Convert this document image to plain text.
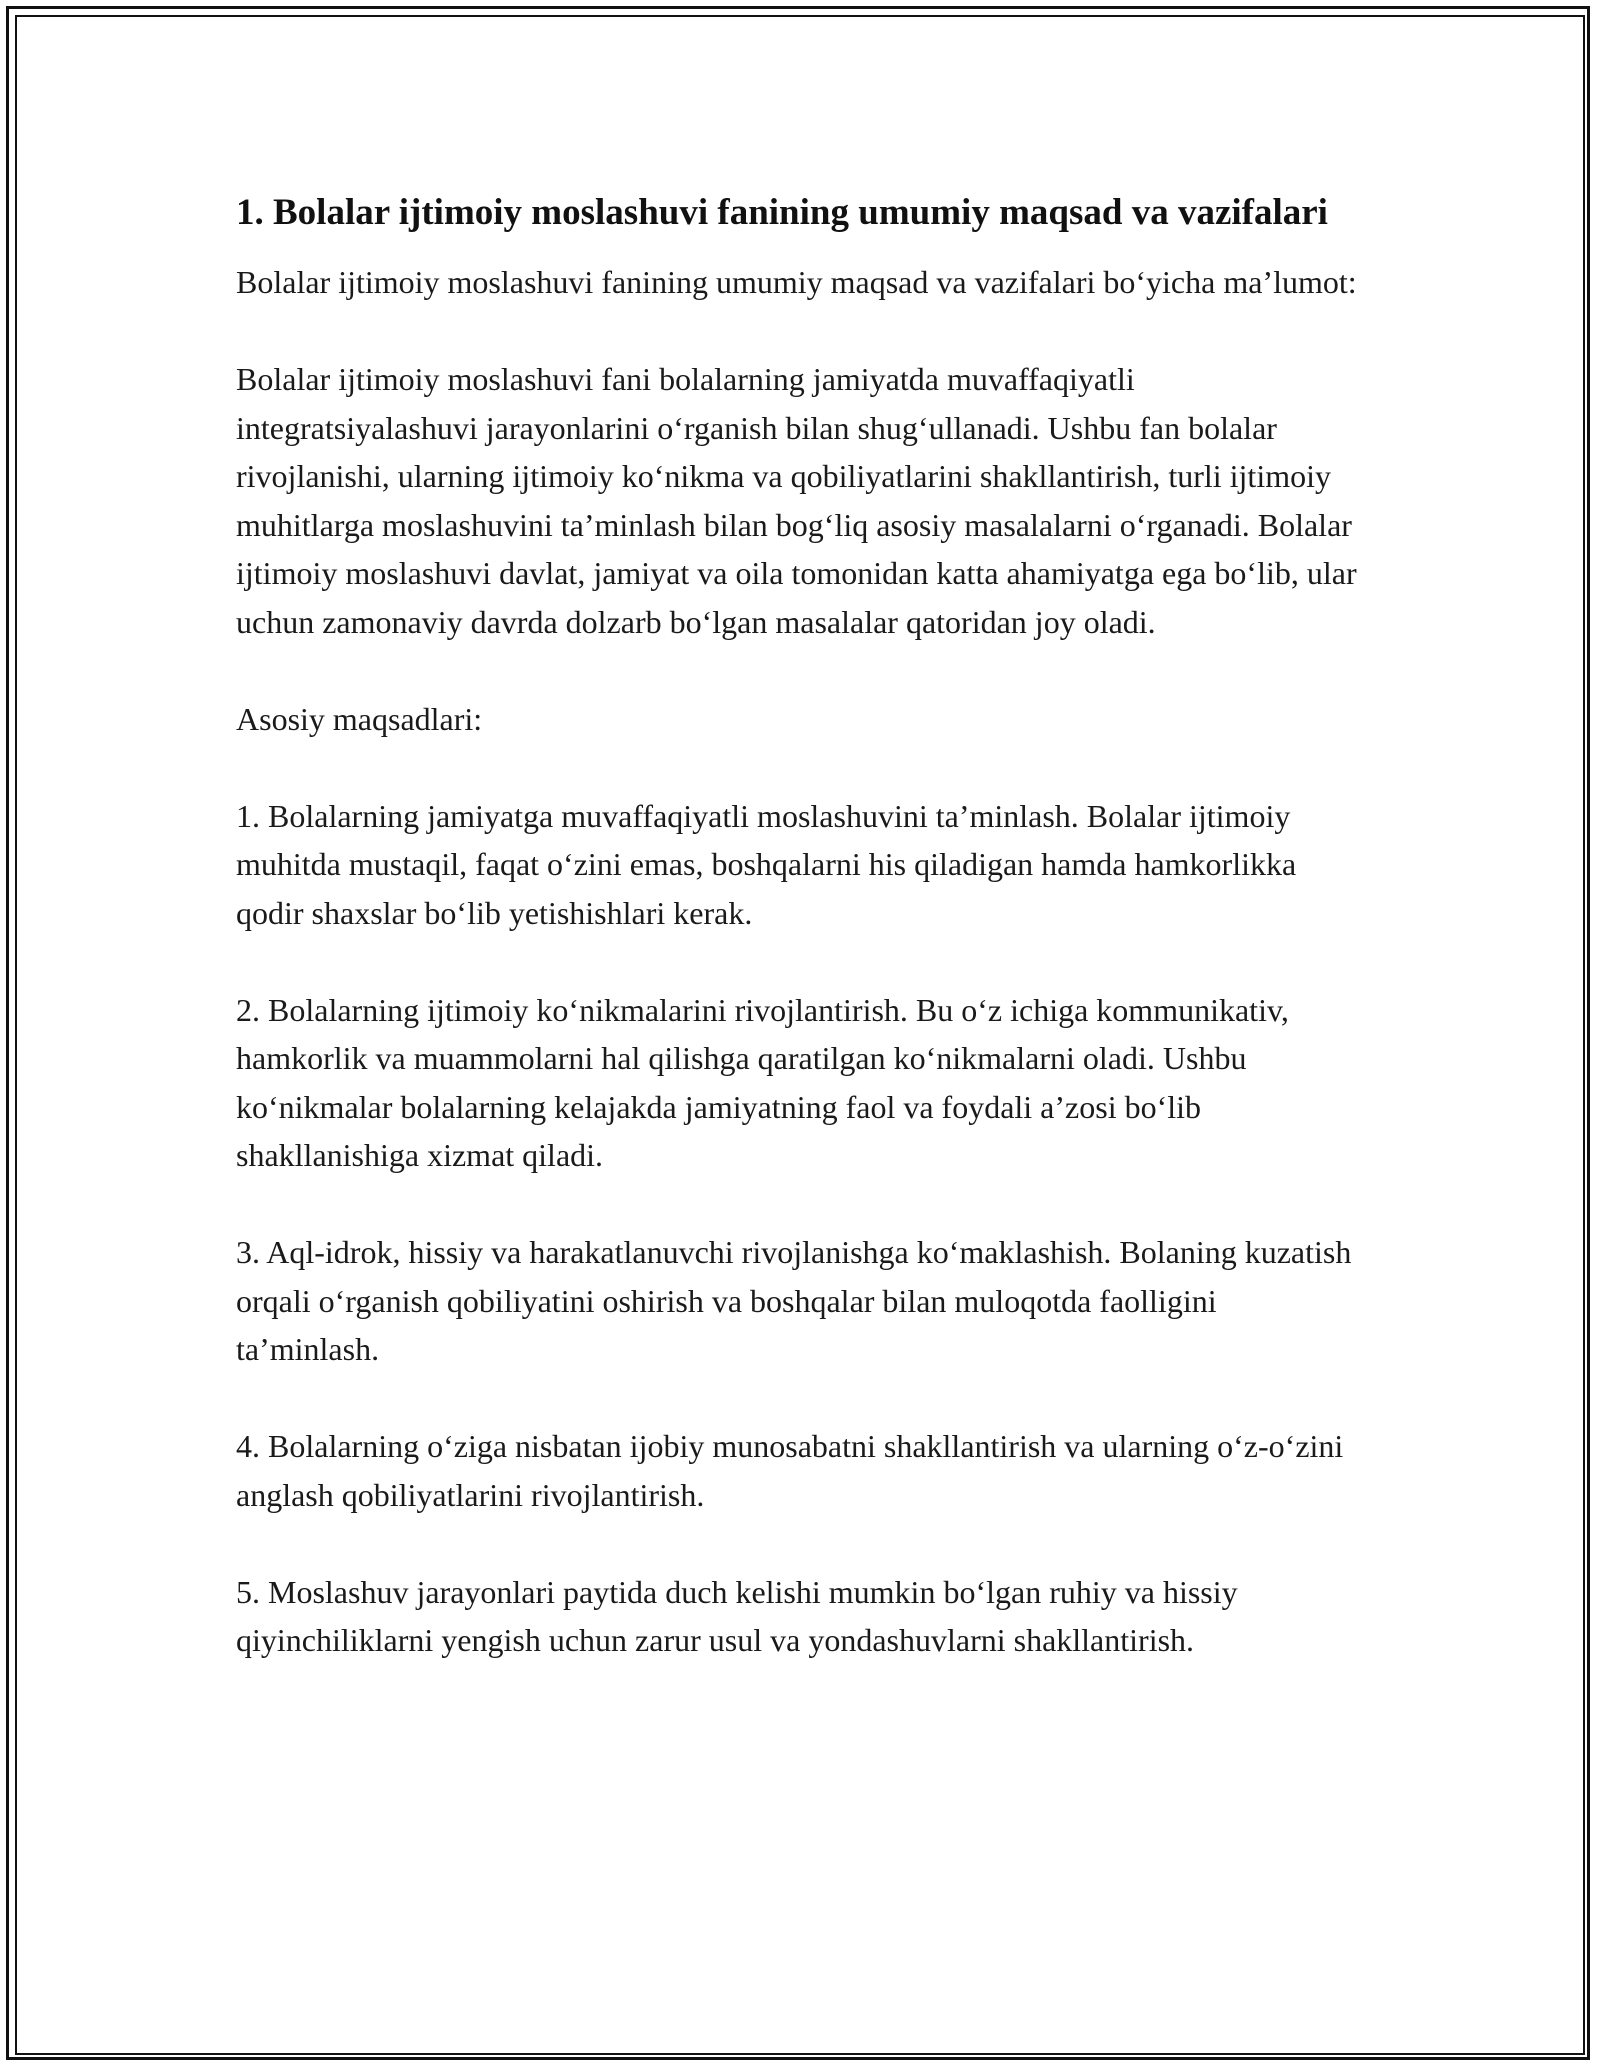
1. Bolalar ijtimoiy moslashuvi fanining umumiy maqsad va vazifalari

Bolalar ijtimoiy moslashuvi fanining umumiy maqsad va vazifalari bo‘yicha ma’lumot:

Bolalar ijtimoiy moslashuvi fani bolalarning jamiyatda muvaffaqiyatli integratsiyalashuvi jarayonlarini o‘rganish bilan shug‘ullanadi. Ushbu fan bolalar rivojlanishi, ularning ijtimoiy ko‘nikma va qobiliyatlarini shakllantirish, turli ijtimoiy muhitlarga moslashuvini ta’minlash bilan bog‘liq asosiy masalalarni o‘rganadi. Bolalar ijtimoiy moslashuvi davlat, jamiyat va oila tomonidan katta ahamiyatga ega bo‘lib, ular uchun zamonaviy davrda dolzarb bo‘lgan masalalar qatoridan joy oladi.

Asosiy maqsadlari:

1. Bolalarning jamiyatga muvaffaqiyatli moslashuvini ta’minlash. Bolalar ijtimoiy muhitda mustaqil, faqat o‘zini emas, boshqalarni his qiladigan hamda hamkorlikka qodir shaxslar bo‘lib yetishishlari kerak.

2. Bolalarning ijtimoiy ko‘nikmalarini rivojlantirish. Bu o‘z ichiga kommunikativ, hamkorlik va muammolarni hal qilishga qaratilgan ko‘nikmalarni oladi. Ushbu ko‘nikmalar bolalarning kelajakda jamiyatning faol va foydali a’zosi bo‘lib shakllanishiga xizmat qiladi.

3. Aql-idrok, hissiy va harakatlanuvchi rivojlanishga ko‘maklashish. Bolaning kuzatish orqali o‘rganish qobiliyatini oshirish va boshqalar bilan muloqotda faolligini ta’minlash.

4. Bolalarning o‘ziga nisbatan ijobiy munosabatni shakllantirish va ularning o‘z-o‘zini anglash qobiliyatlarini rivojlantirish.

5. Moslashuv jarayonlari paytida duch kelishi mumkin bo‘lgan ruhiy va hissiy qiyinchiliklarni yengish uchun zarur usul va yondashuvlarni shakllantirish.
